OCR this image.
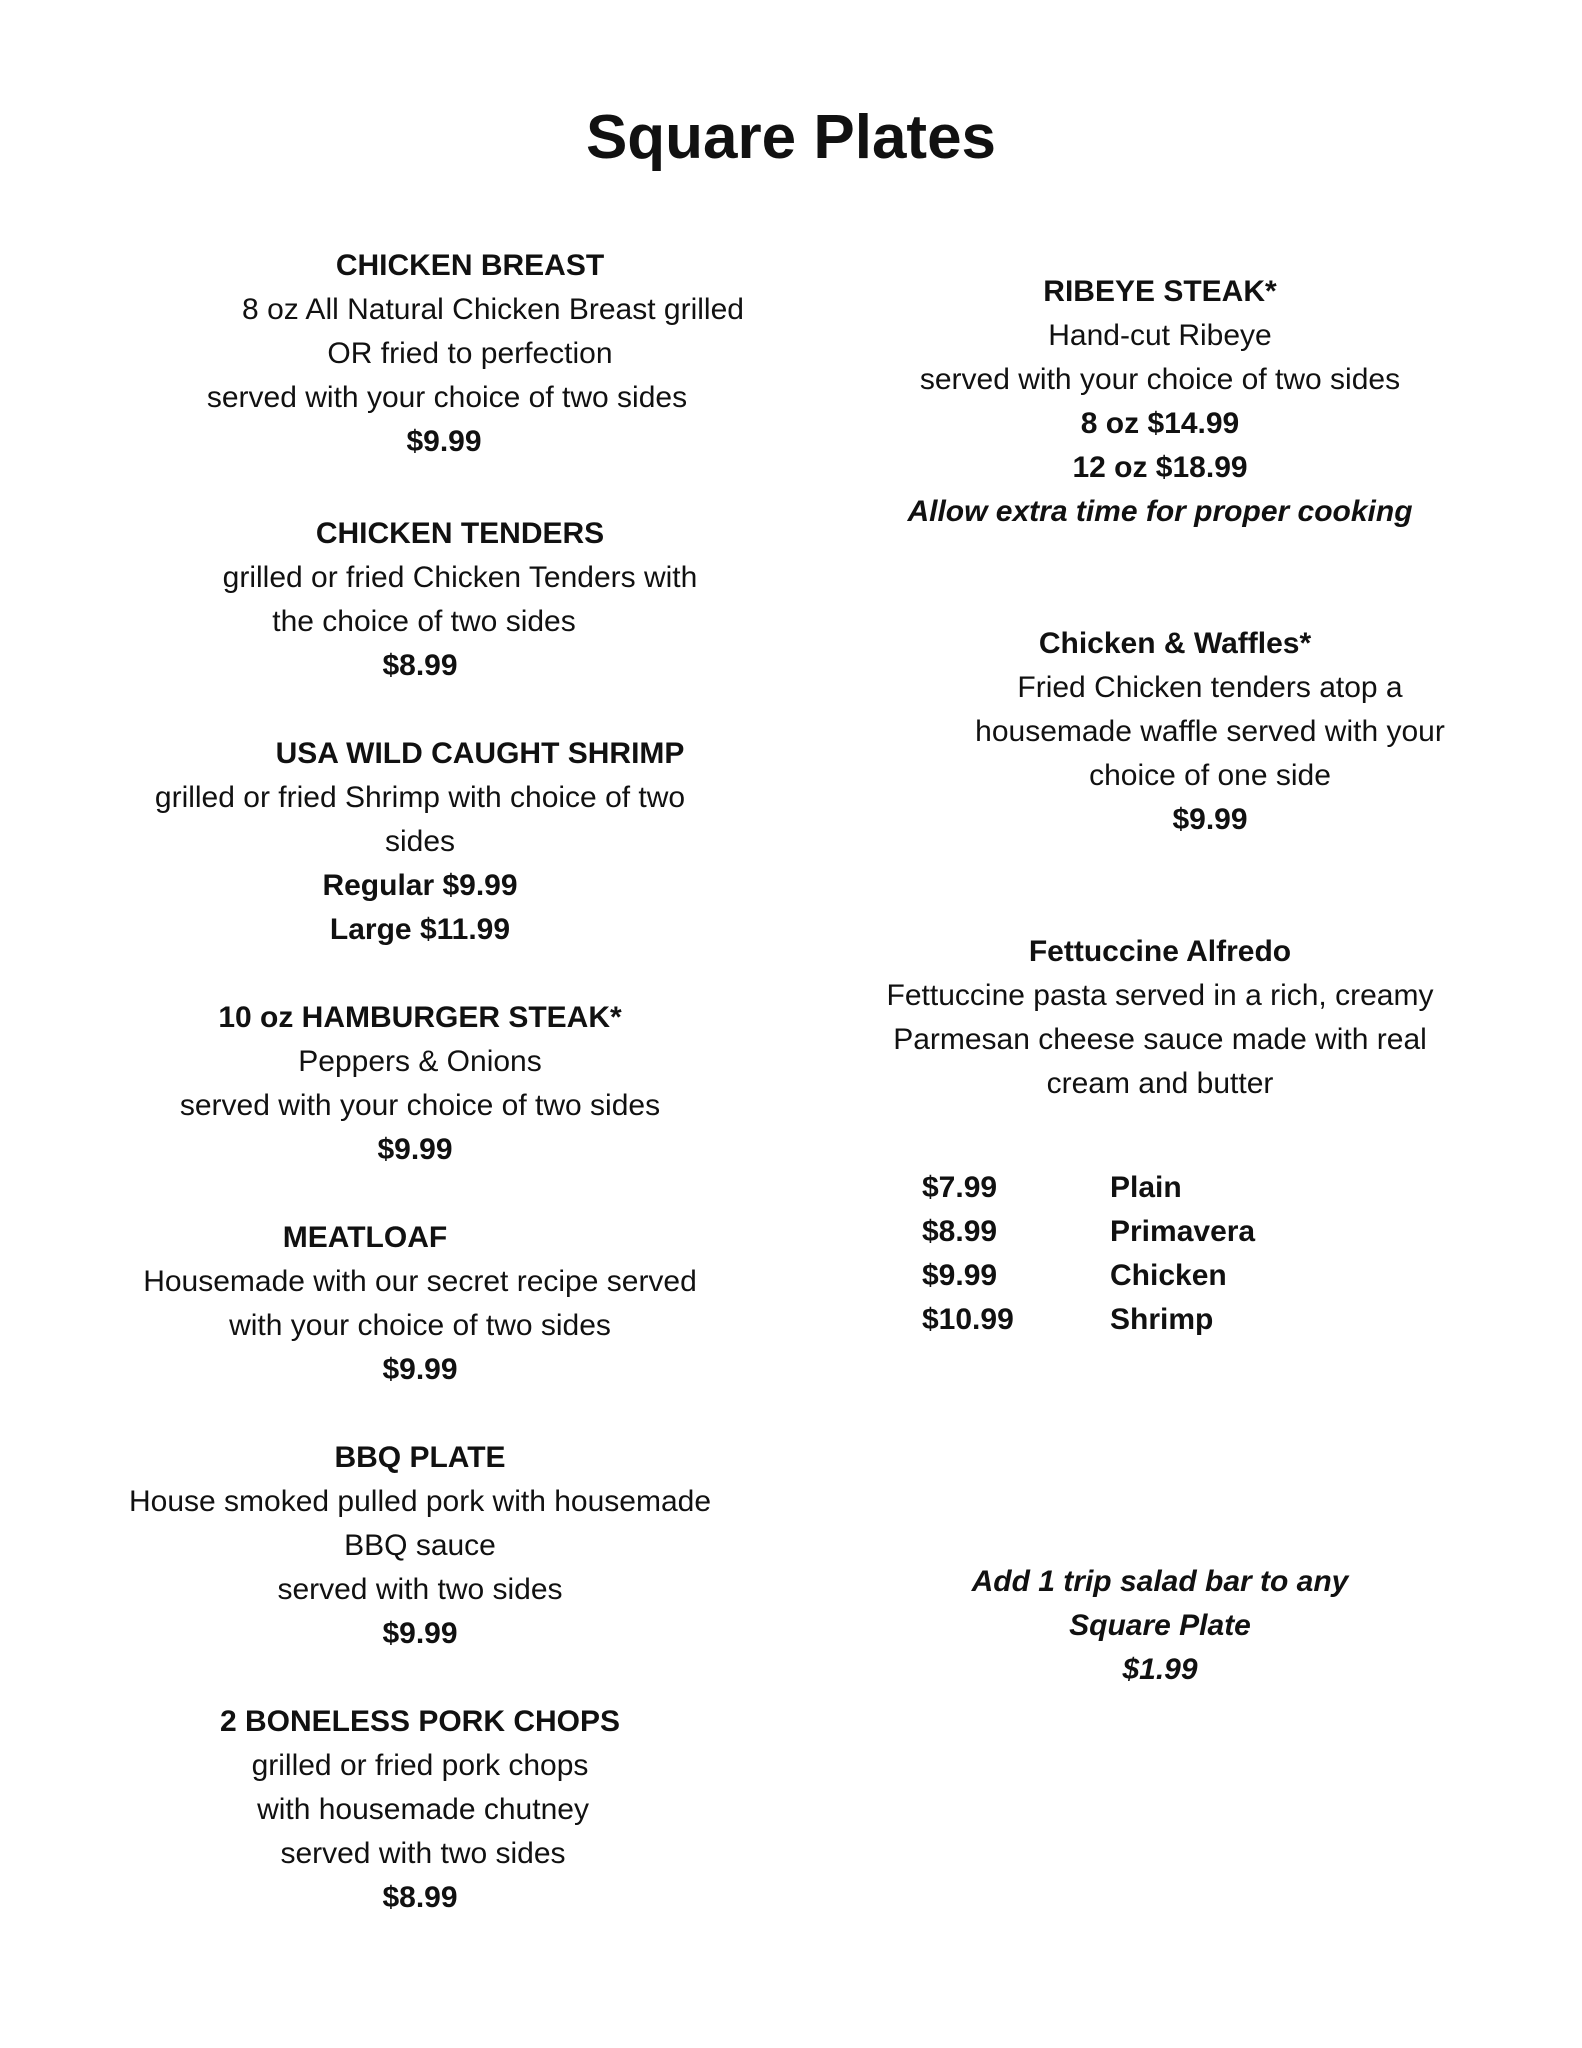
Square Plates
CHICKEN BREAST
8 oz All Natural Chicken Breast grilled
OR fried to perfection
served with your choice of two sides
$9.99
CHICKEN TENDERS
grilled or fried Chicken Tenders with
the choice of two sides
$8.99
USA WILD CAUGHT SHRIMP
grilled or fried Shrimp with choice of two
sides
Regular $9.99
Large $11.99
10 oz HAMBURGER STEAK*
Peppers & Onions
served with your choice of two sides
$9.99
MEATLOAF
Housemade with our secret recipe served
with your choice of two sides
$9.99
BBQ PLATE
House smoked pulled pork with housemade
BBQ sauce
served with two sides
$9.99
2 BONELESS PORK CHOPS
grilled or fried pork chops
with housemade chutney
served with two sides
$8.99
RIBEYE STEAK*
Hand-cut Ribeye
served with your choice of two sides
8 oz $14.99
12 oz $18.99
Allow extra time for proper cooking
Chicken & Waffles*
Fried Chicken tenders atop a
housemade waffle served with your
choice of one side
$9.99
Fettuccine Alfredo
Fettuccine pasta served in a rich, creamy
Parmesan cheese sauce made with real
cream and butter
$7.99	Plain
$8.99	Primavera
$9.99	Chicken
$10.99	Shrimp
Add 1 trip salad bar to any
Square Plate
$1.99
